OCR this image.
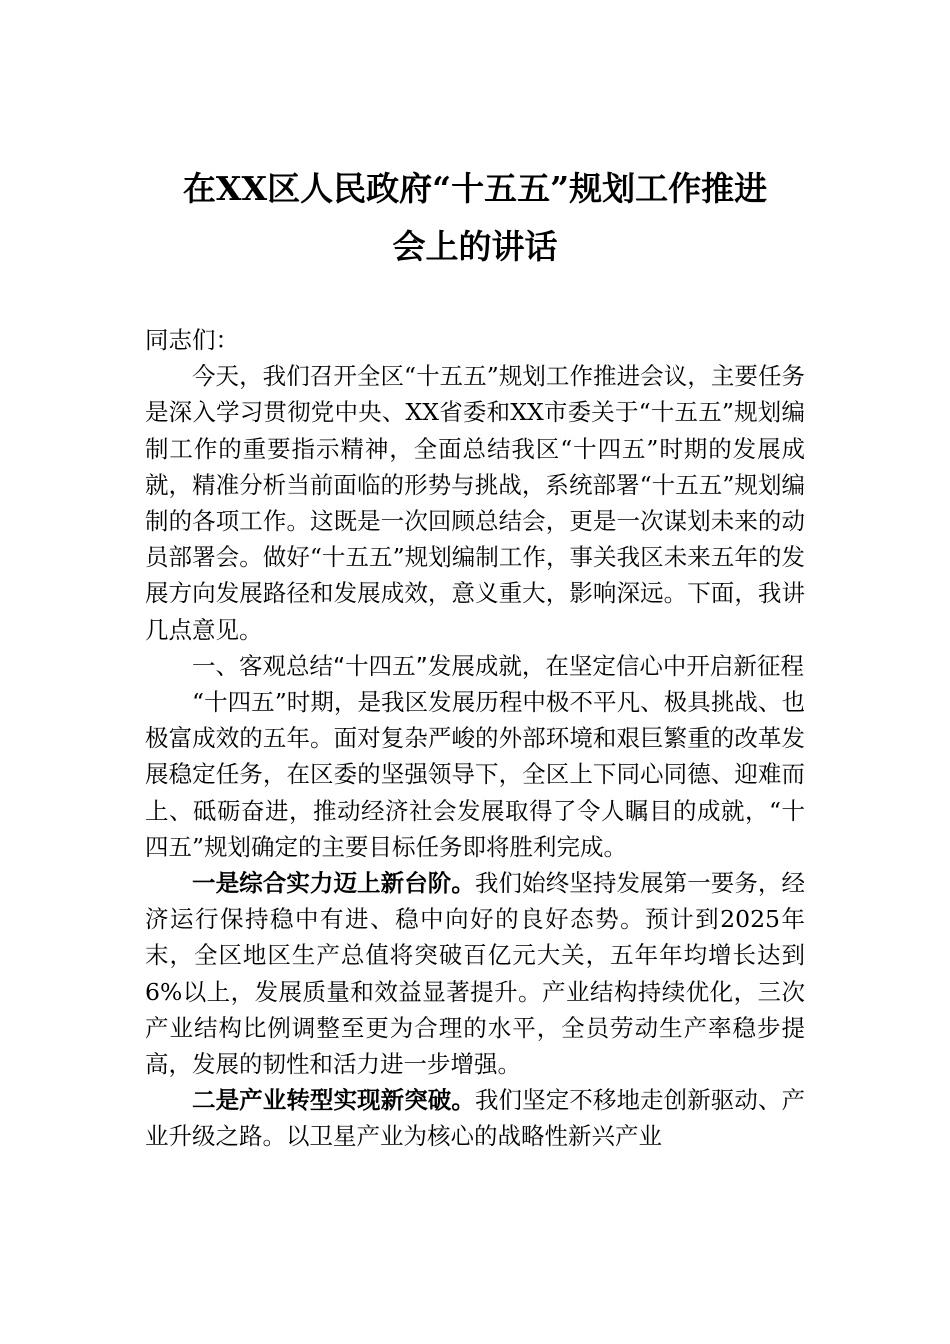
在XX区人民政府“十五五”规划工作推进
会上的讲话

同志们：

今天，我们召开全区“十五五”规划工作推进会议，主要任务是深入学习贯彻党中央、XX省委和XX市委关于“十五五”规划编制工作的重要指示精神，全面总结我区“十四五”时期的发展成就，精准分析当前面临的形势与挑战，系统部署“十五五”规划编制的各项工作。这既是一次回顾总结会，更是一次谋划未来的动员部署会。做好“十五五”规划编制工作，事关我区未来五年的发展方向发展路径和发展成效，意义重大，影响深远。下面，我讲几点意见。

一、客观总结“十四五”发展成就，在坚定信心中开启新征程

“十四五”时期，是我区发展历程中极不平凡、极具挑战、也极富成效的五年。面对复杂严峻的外部环境和艰巨繁重的改革发展稳定任务，在区委的坚强领导下，全区上下同心同德、迎难而上、砥砺奋进，推动经济社会发展取得了令人瞩目的成就，“十四五”规划确定的主要目标任务即将胜利完成。

一是综合实力迈上新台阶。我们始终坚持发展第一要务，经济运行保持稳中有进、稳中向好的良好态势。预计到2025年末，全区地区生产总值将突破百亿元大关，五年年均增长达到6%以上，发展质量和效益显著提升。产业结构持续优化，三次产业结构比例调整至更为合理的水平，全员劳动生产率稳步提高，发展的韧性和活力进一步增强。

二是产业转型实现新突破。我们坚定不移地走创新驱动、产业升级之路。以卫星产业为核心的战略性新兴产业
